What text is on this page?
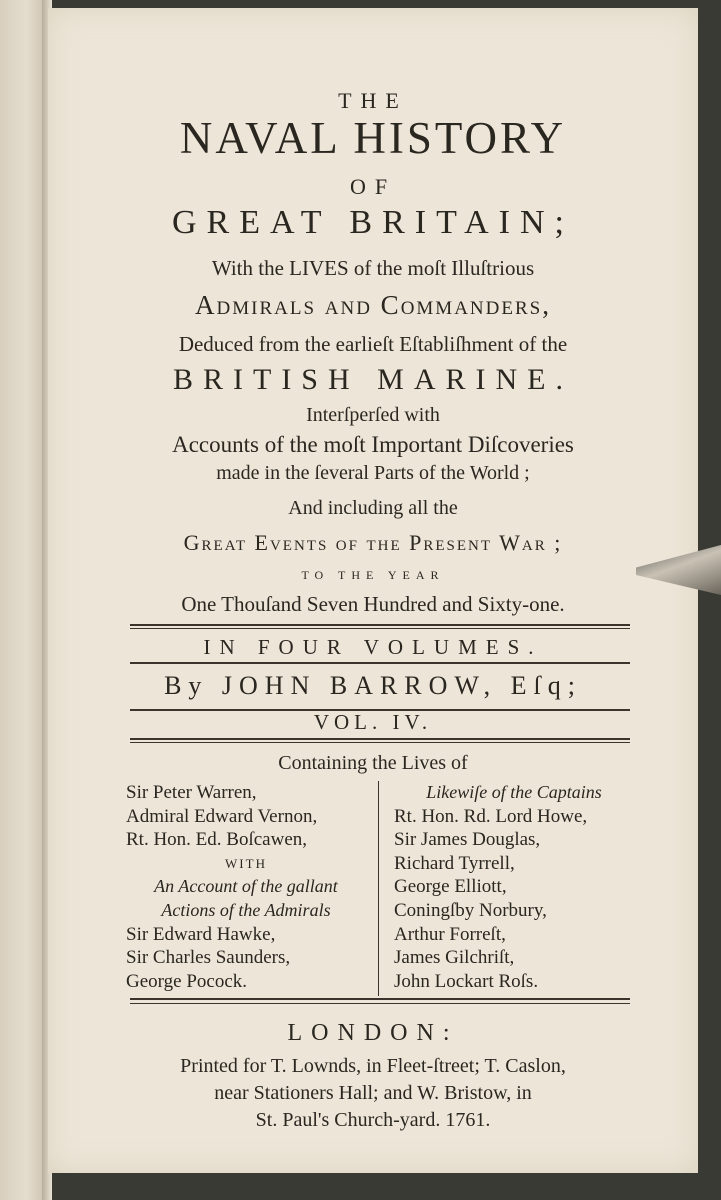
THE
NAVAL HISTORY
OF
GREAT BRITAIN;
With the LIVES of the moſt Illuſtrious
Admirals and Commanders,
Deduced from the earlieſt Eſtabliſhment of the
BRITISH MARINE.
Interſperſed with
Accounts of the moſt Important Diſcoveries
made in the ſeveral Parts of the World ;
And including all the
Great Events of the Present War ;
TO THE YEAR
One Thouſand Seven Hundred and Sixty-one.
IN FOUR VOLUMES.
By JOHN BARROW, Eſq;
VOL. IV.
Containing the Lives of
Sir Peter Warren,
Admiral Edward Vernon,
Rt. Hon. Ed. Boſcawen,
WITH
An Account of the gallant
Actions of the Admirals
Sir Edward Hawke,
Sir Charles Saunders,
George Pocock.
Likewiſe of the Captains
Rt. Hon. Rd. Lord Howe,
Sir James Douglas,
Richard Tyrrell,
George Elliott,
Coningſby Norbury,
Arthur Forreſt,
James Gilchriſt,
John Lockart Roſs.
LONDON:
Printed for T. Lownds, in Fleet-ſtreet; T. Caslon,
near Stationers Hall; and W. Bristow, in
St. Paul's Church-yard. 1761.
